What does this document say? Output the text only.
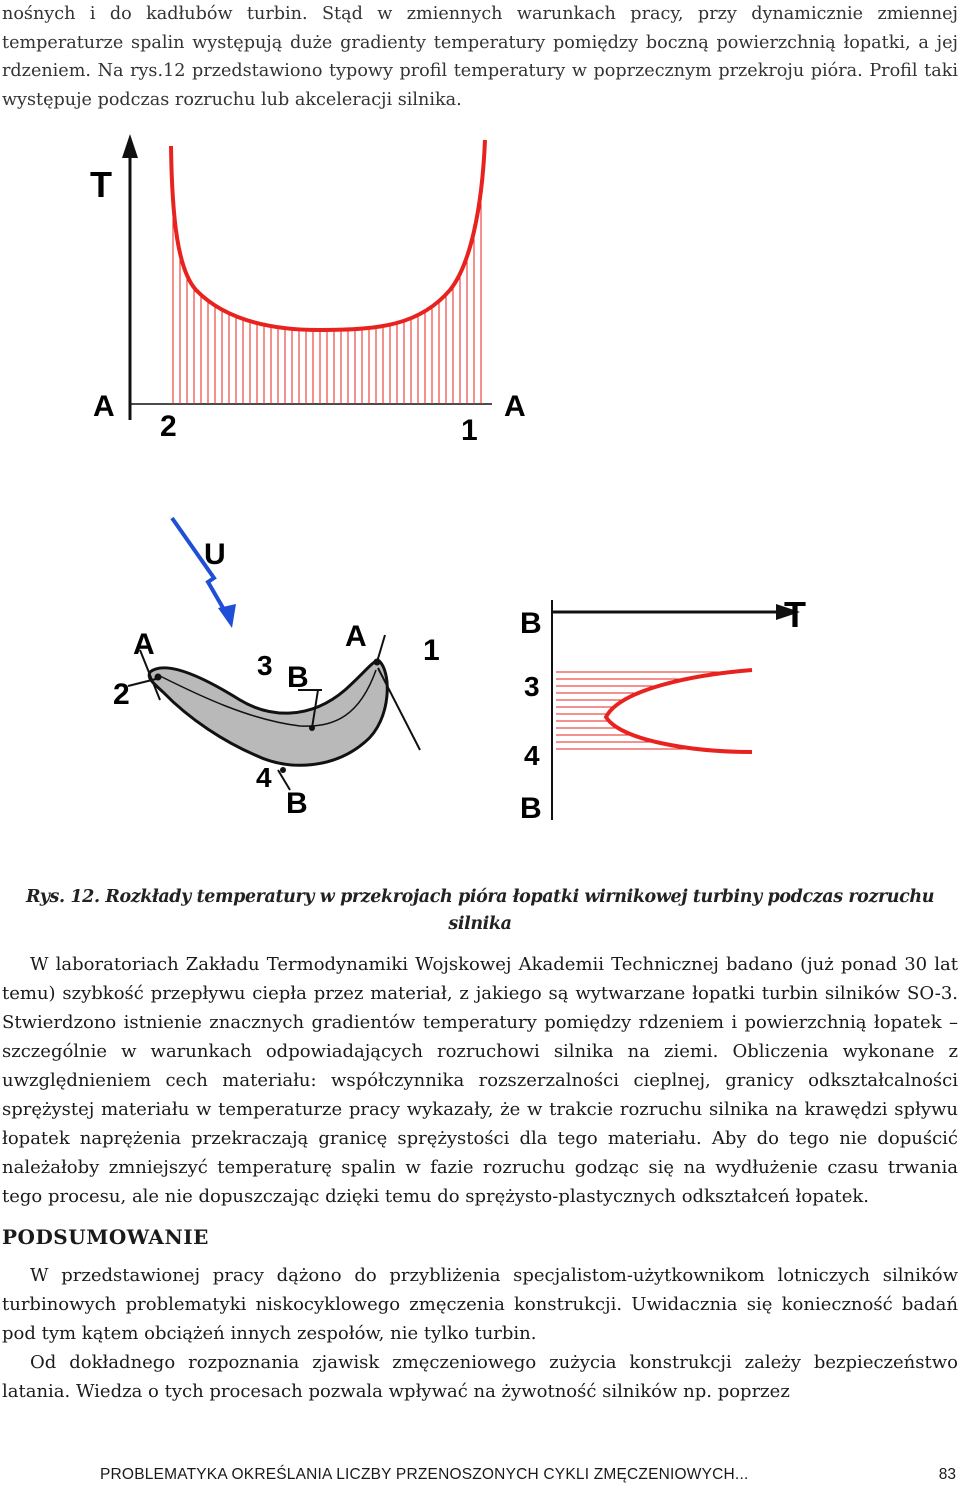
nośnych i do kadłubów turbin. Stąd w zmiennych warunkach pracy, przy dynamicznie zmiennej temperaturze spalin występują duże gradienty temperatury pomiędzy boczną powierzchnią łopatki, a jej rdzeniem. Na rys.12 przedstawiono typowy profil temperatury w poprzecznym przekroju pióra. Profil taki występuje podczas rozruchu lub akceleracji silnika.

T
A	A
2	1
U
A	A
2
1
3 B
4
B
B
3
4
B
T
Rys. 12. Rozkłady temperatury w przekrojach pióra łopatki wirnikowej turbiny podczas rozruchu silnika

W laboratoriach Zakładu Termodynamiki Wojskowej Akademii Technicznej badano (już ponad 30 lat temu) szybkość przepływu ciepła przez materiał, z jakiego są wytwarzane łopatki turbin silników SO-3. Stwierdzono istnienie znacznych gradientów temperatury pomiędzy rdzeniem i powierzchnią łopatek – szczególnie w warunkach odpowiadających rozruchowi silnika na ziemi. Obliczenia wykonane z uwzględnieniem cech materiału: współczynnika rozszerzalności cieplnej, granicy odkształcalności sprężystej materiału w temperaturze pracy wykazały, że w trakcie rozruchu silnika na krawędzi spływu łopatek naprężenia przekraczają granicę sprężystości dla tego materiału. Aby do tego nie dopuścić należałoby zmniejszyć temperaturę spalin w fazie rozruchu godząc się na wydłużenie czasu trwania tego procesu, ale nie dopuszczając dzięki temu do sprężysto-plastycznych odkształceń łopatek.

PODSUMOWANIE

W przedstawionej pracy dążono do przybliżenia specjalistom-użytkownikom lotniczych silników turbinowych problematyki niskocyklowego zmęczenia konstrukcji. Uwidacznia się konieczność badań pod tym kątem obciążeń innych zespołów, nie tylko turbin.

Od dokładnego rozpoznania zjawisk zmęczeniowego zużycia konstrukcji zależy bezpieczeństwo latania. Wiedza o tych procesach pozwala wpływać na żywotność silników np. poprzez

PROBLEMATYKA OKREŚLANIA LICZBY PRZENOSZONYCH CYKLI ZMĘCZENIOWYCH...	83
